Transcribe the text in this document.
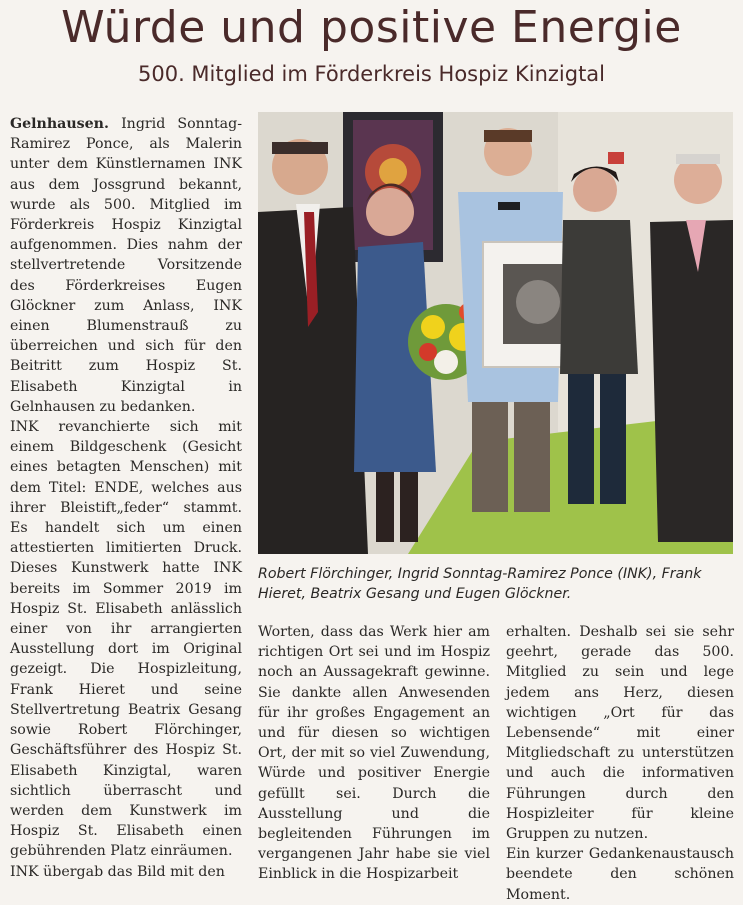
Würde und positive Energie
500. Mitglied im Förderkreis Hospiz Kinzigtal

Gelnhausen. Ingrid Sonntag-Ramirez Ponce, als Malerin unter dem Künstlernamen INK aus dem Jossgrund bekannt, wurde als 500. Mitglied im Förderkreis Hospiz Kinzigtal aufgenommen. Dies nahm der stellvertretende Vorsitzende des Förderkreises Eugen Glöckner zum Anlass, INK einen Blumenstrauß zu überreichen und sich für den Beitritt zum Hospiz St. Elisabeth Kinzigtal in Gelnhausen zu bedanken.

INK revanchierte sich mit einem Bildgeschenk (Gesicht eines betagten Menschen) mit dem Titel: ENDE, welches aus ihrer Bleistift„feder“ stammt. Es handelt sich um einen attestierten limitierten Druck. Dieses Kunstwerk hatte INK bereits im Sommer 2019 im Hospiz St. Elisabeth anlässlich einer von ihr arrangierten Ausstellung dort im Original gezeigt. Die Hospizleitung, Frank Hieret und seine Stellvertretung Beatrix Gesang sowie Robert Flörchinger, Geschäftsführer des Hospiz St. Elisabeth Kinzigtal, waren sichtlich überrascht und werden dem Kunstwerk im Hospiz St. Elisabeth einen gebührenden Platz einräumen.

INK übergab das Bild mit den

Robert Flörchinger, Ingrid Sonntag-Ramirez Ponce (INK), Frank Hieret, Beatrix Gesang und Eugen Glöckner.

Worten, dass das Werk hier am richtigen Ort sei und im Hospiz noch an Aussagekraft gewinne. Sie dankte allen Anwesenden für ihr großes Engagement an und für diesen so wichtigen Ort, der mit so viel Zuwendung, Würde und positiver Energie gefüllt sei. Durch die Ausstellung und die begleitenden Führungen im vergangenen Jahr habe sie viel Einblick in die Hospizarbeit

erhalten. Deshalb sei sie sehr geehrt, gerade das 500. Mitglied zu sein und lege jedem ans Herz, diesen wichtigen „Ort für das Lebensende“ mit einer Mitgliedschaft zu unterstützen und auch die informativen Führungen durch den Hospizleiter für kleine Gruppen zu nutzen.

Ein kurzer Gedankenaustausch beendete den schönen Moment.
